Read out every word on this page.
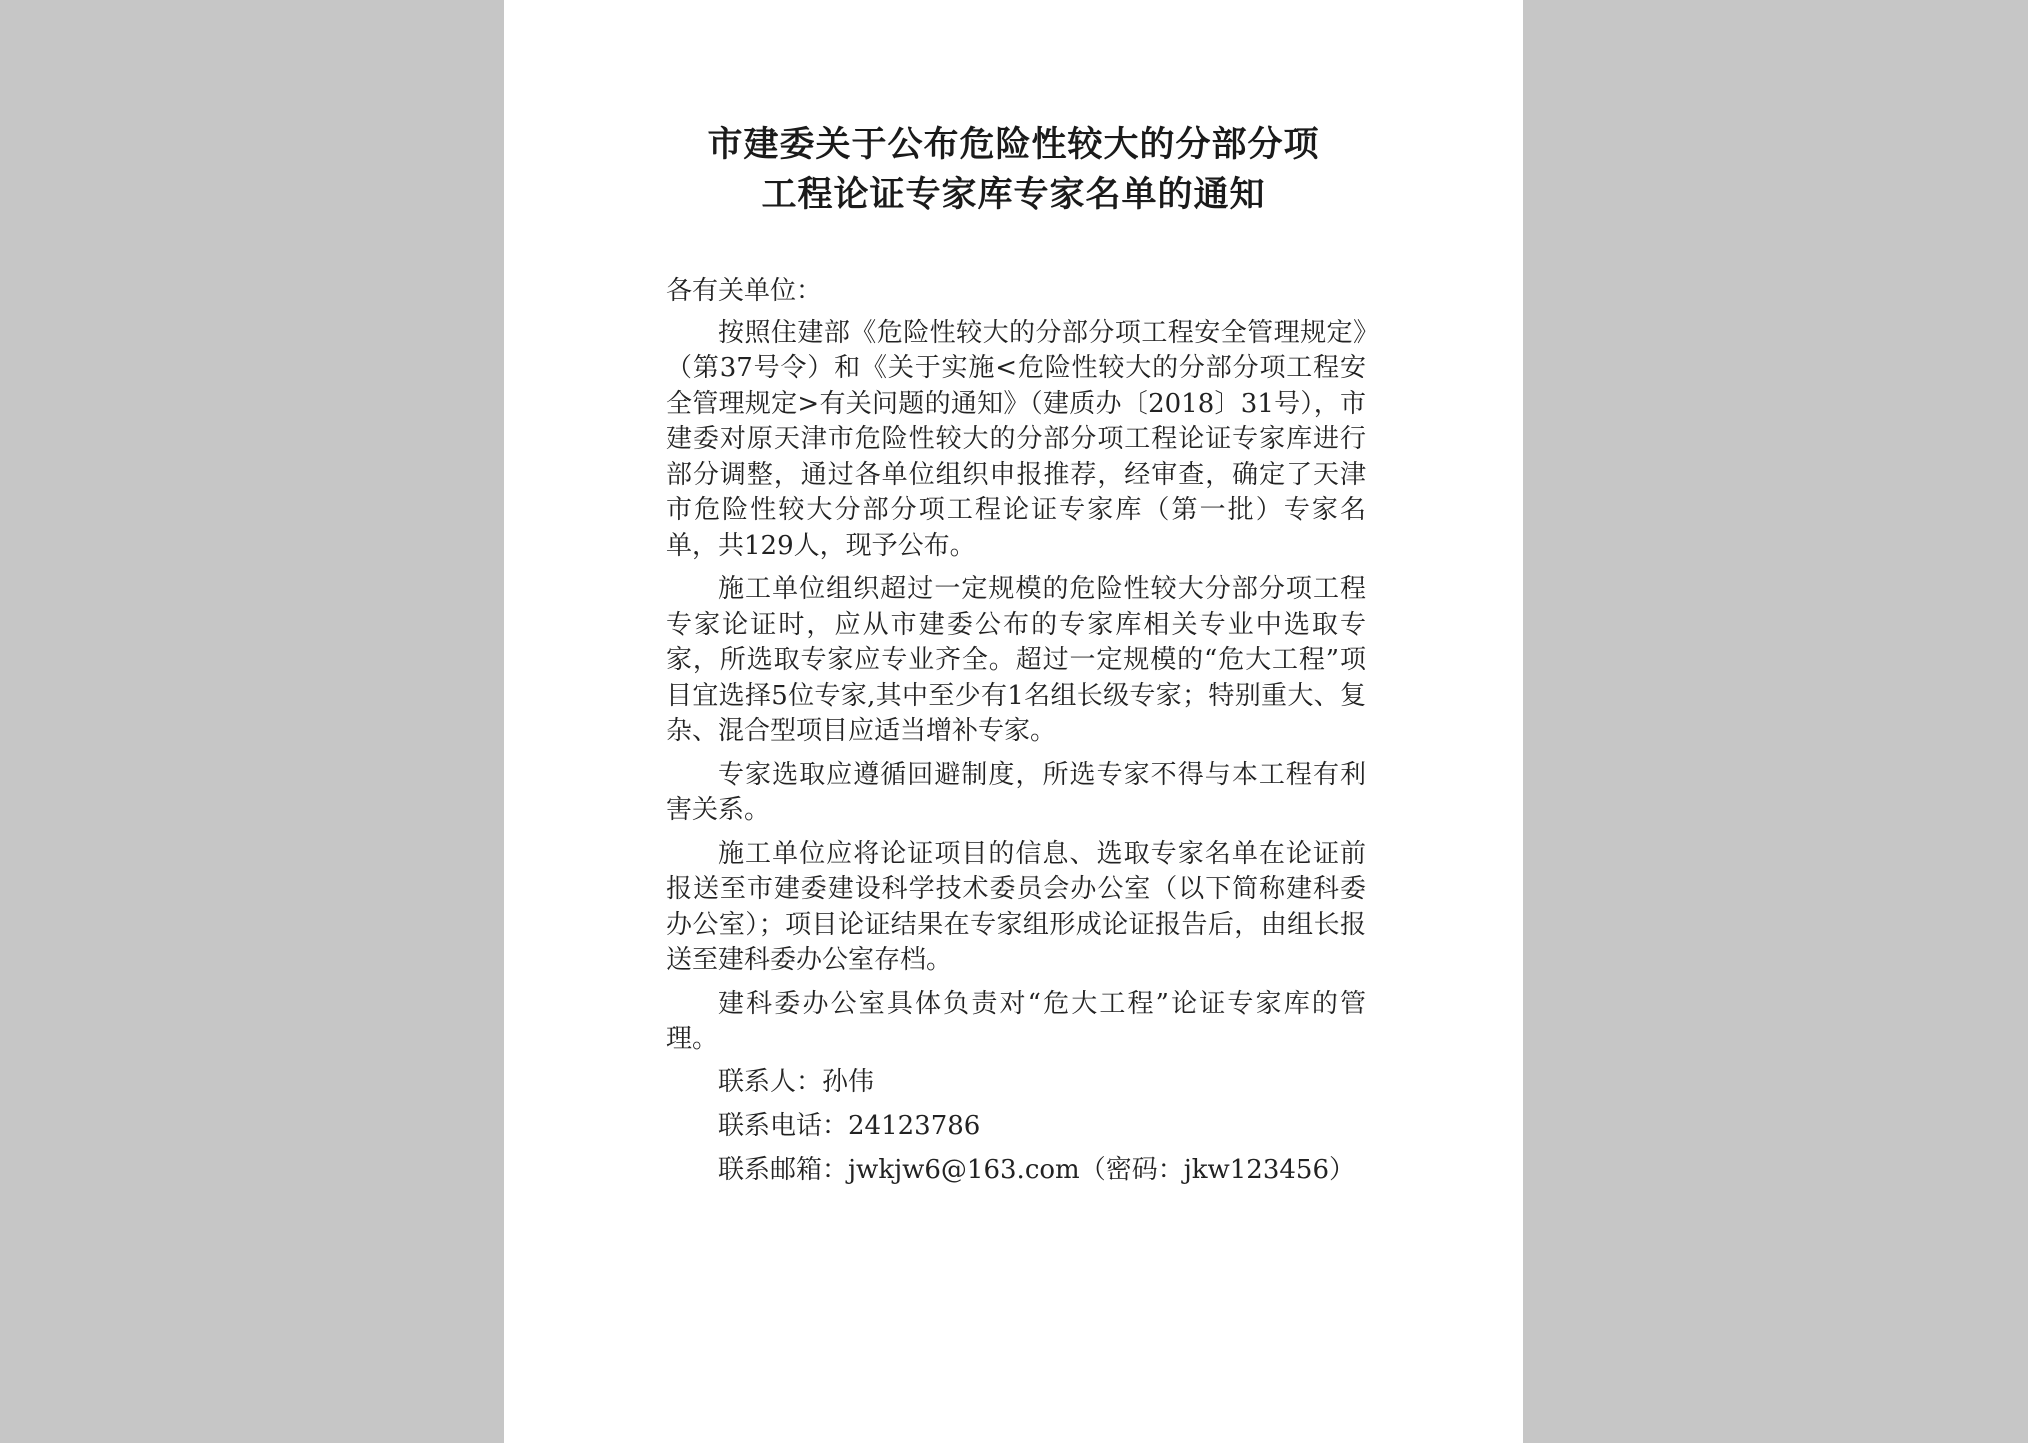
市建委关于公布危险性较大的分部分项
工程论证专家库专家名单的通知
各有关单位：

按照住建部《危险性较大的分部分项工程安全管理规定》（第37号令）和《关于实施<危险性较大的分部分项工程安全管理规定>有关问题的通知》（建质办〔2018〕31号），市建委对原天津市危险性较大的分部分项工程论证专家库进行部分调整，通过各单位组织申报推荐，经审查，确定了天津市危险性较大分部分项工程论证专家库（第一批）专家名单，共129人，现予公布。

施工单位组织超过一定规模的危险性较大分部分项工程专家论证时，应从市建委公布的专家库相关专业中选取专家，所选取专家应专业齐全。超过一定规模的“危大工程”项目宜选择5位专家,其中至少有1名组长级专家；特别重大、复杂、混合型项目应适当增补专家。

专家选取应遵循回避制度，所选专家不得与本工程有利害关系。

施工单位应将论证项目的信息、选取专家名单在论证前报送至市建委建设科学技术委员会办公室（以下简称建科委办公室）；项目论证结果在专家组形成论证报告后，由组长报送至建科委办公室存档。

建科委办公室具体负责对“危大工程”论证专家库的管理。

联系人：孙伟
联系电话：24123786
联系邮箱：jwkjw6@163.com（密码：jkw123456）
